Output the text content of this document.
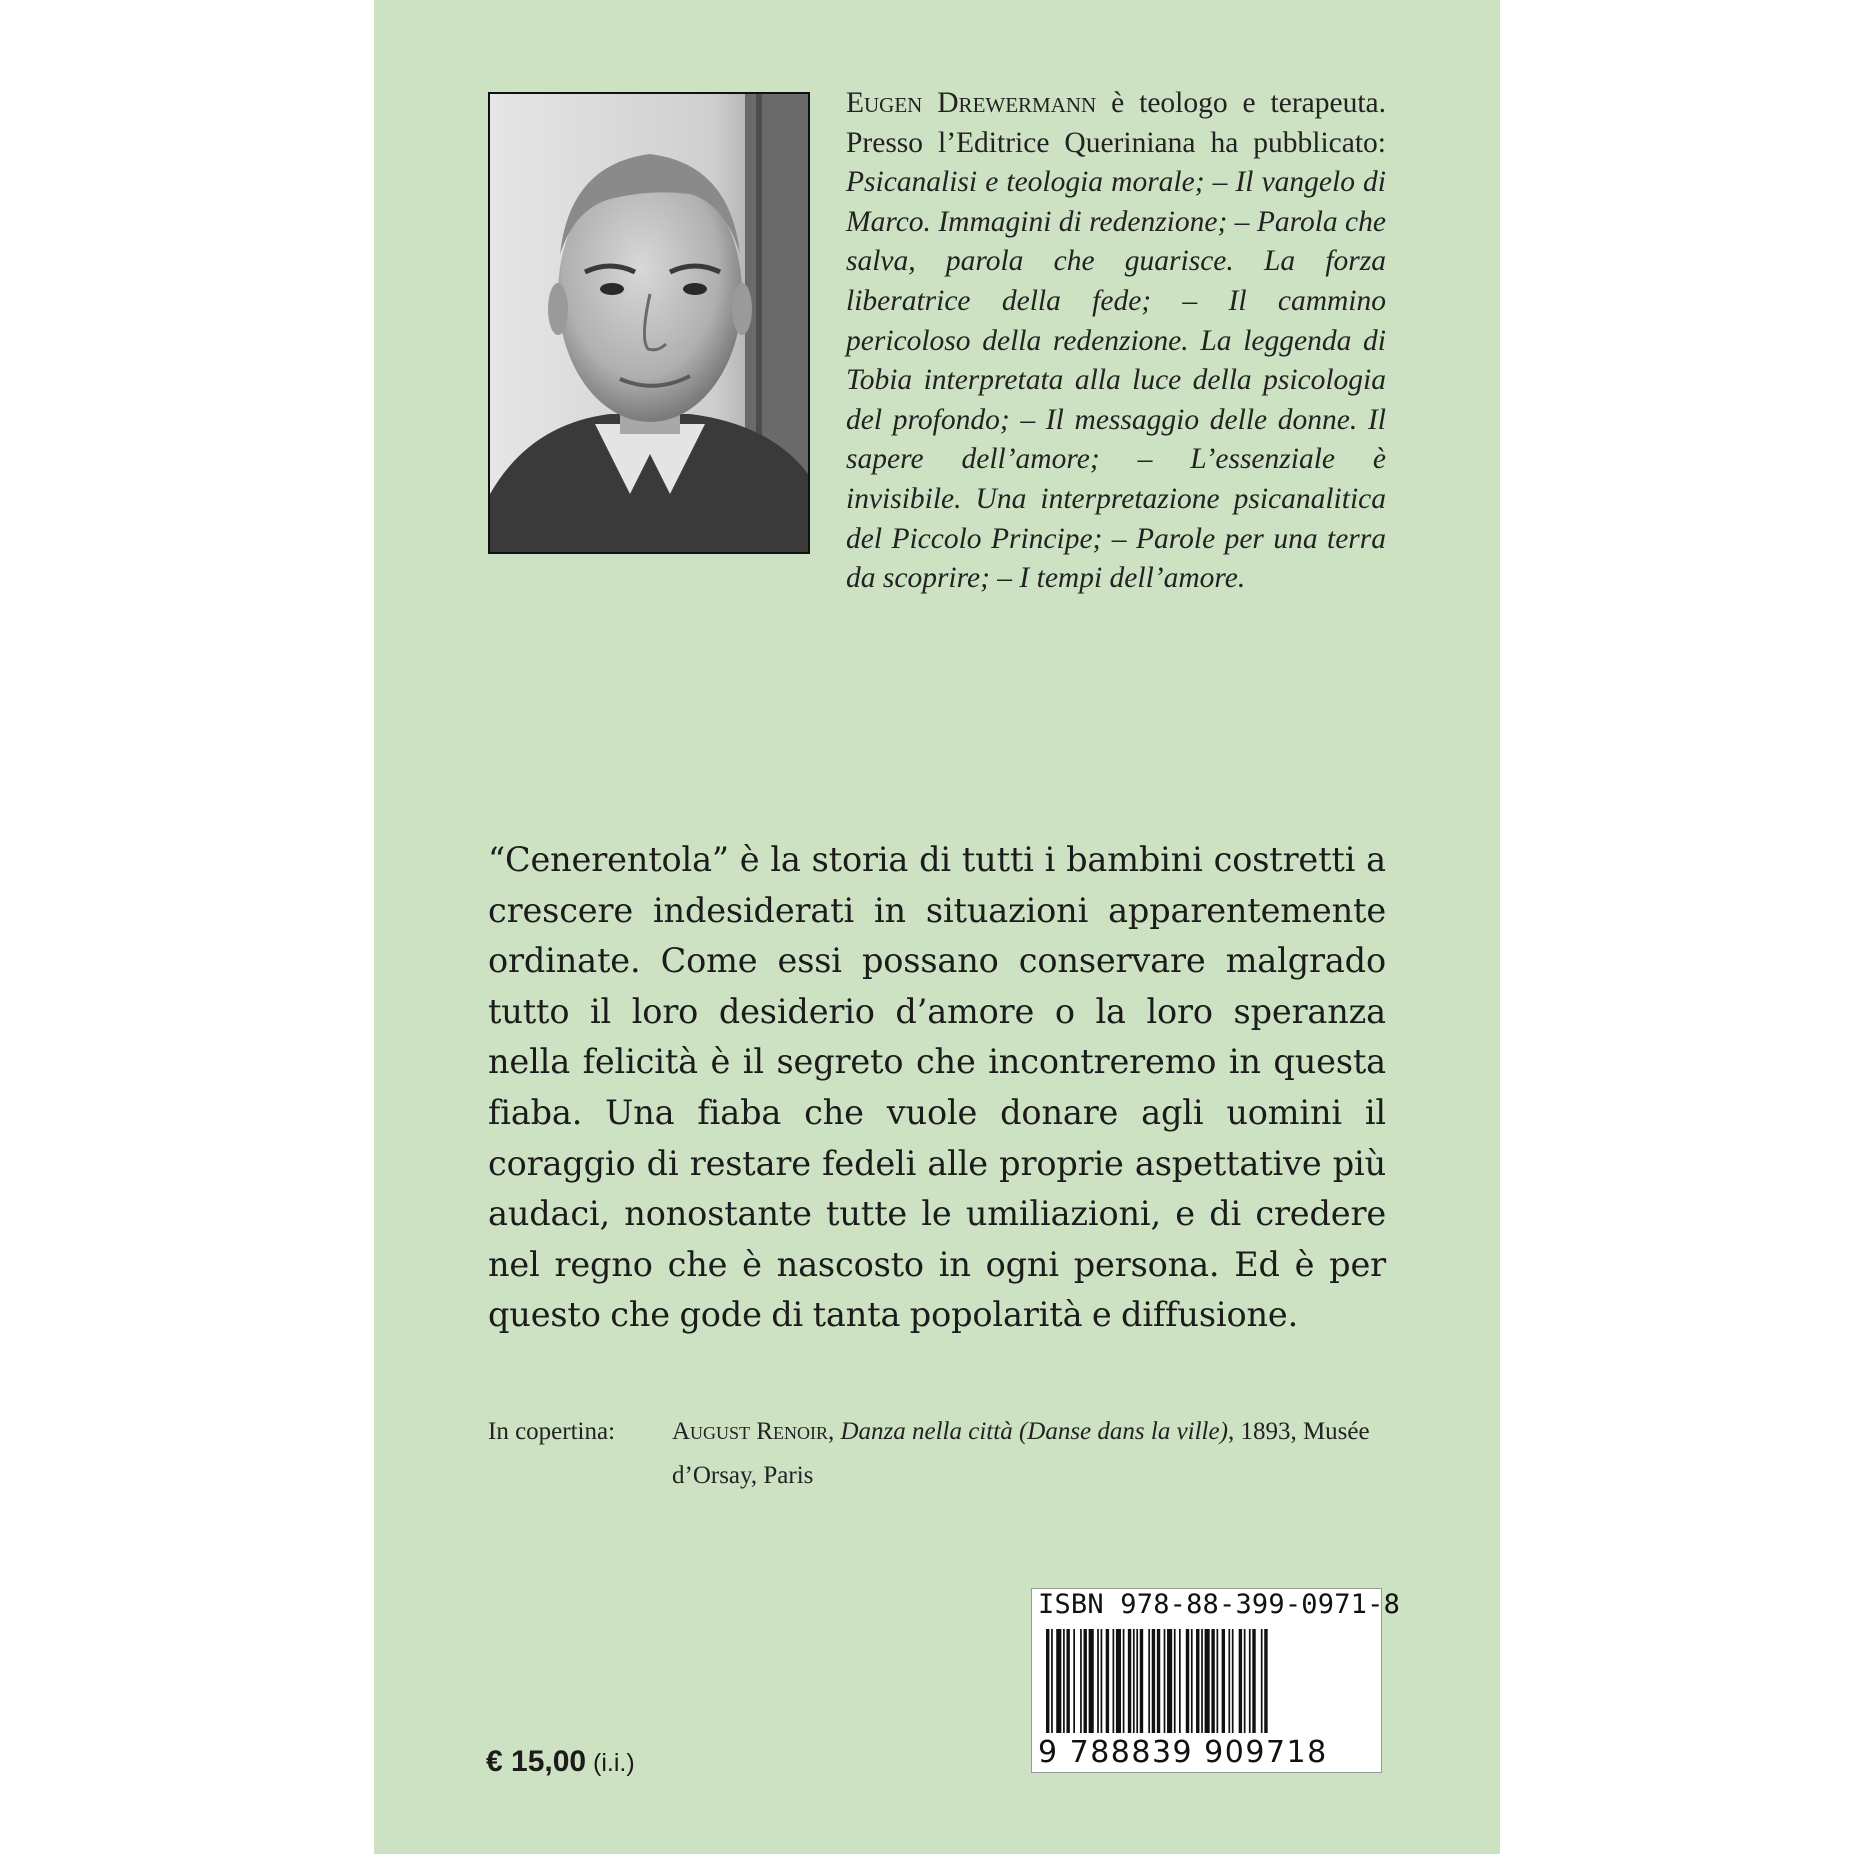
Eugen Drewermann è teologo e terapeuta. Presso l’Editrice Queriniana ha pubblicato: Psicanalisi e teologia morale; – Il vangelo di Marco. Immagini di redenzione; – Parola che salva, parola che guarisce. La forza liberatrice della fede; – Il cammino pericoloso della redenzione. La leggenda di Tobia interpretata alla luce della psicologia del profondo; – Il messaggio delle donne. Il sapere dell’amore; – L’essenziale è invisibile. Una interpretazione psicanalitica del Piccolo Principe; – Parole per una terra da scoprire; – I tempi dell’amore.
“Cenerentola” è la storia di tutti i bambini costretti a crescere indesiderati in situazioni apparentemente ordinate. Come essi possano conservare malgrado tutto il loro desiderio d’amore o la loro speranza nella felicità è il segreto che incontreremo in questa fiaba. Una fiaba che vuole donare agli uomini il coraggio di restare fedeli alle proprie aspettative più audaci, nonostante tutte le umiliazioni, e di credere nel regno che è nascosto in ogni persona. Ed è per questo che gode di tanta popolarità e diffusione.
In copertina: August Renoir, Danza nella città (Danse dans la ville), 1893, Musée d’Orsay, Paris
ISBN 978-88-399-0971-8
9 788839 909718
€ 15,00 (i.i.)
